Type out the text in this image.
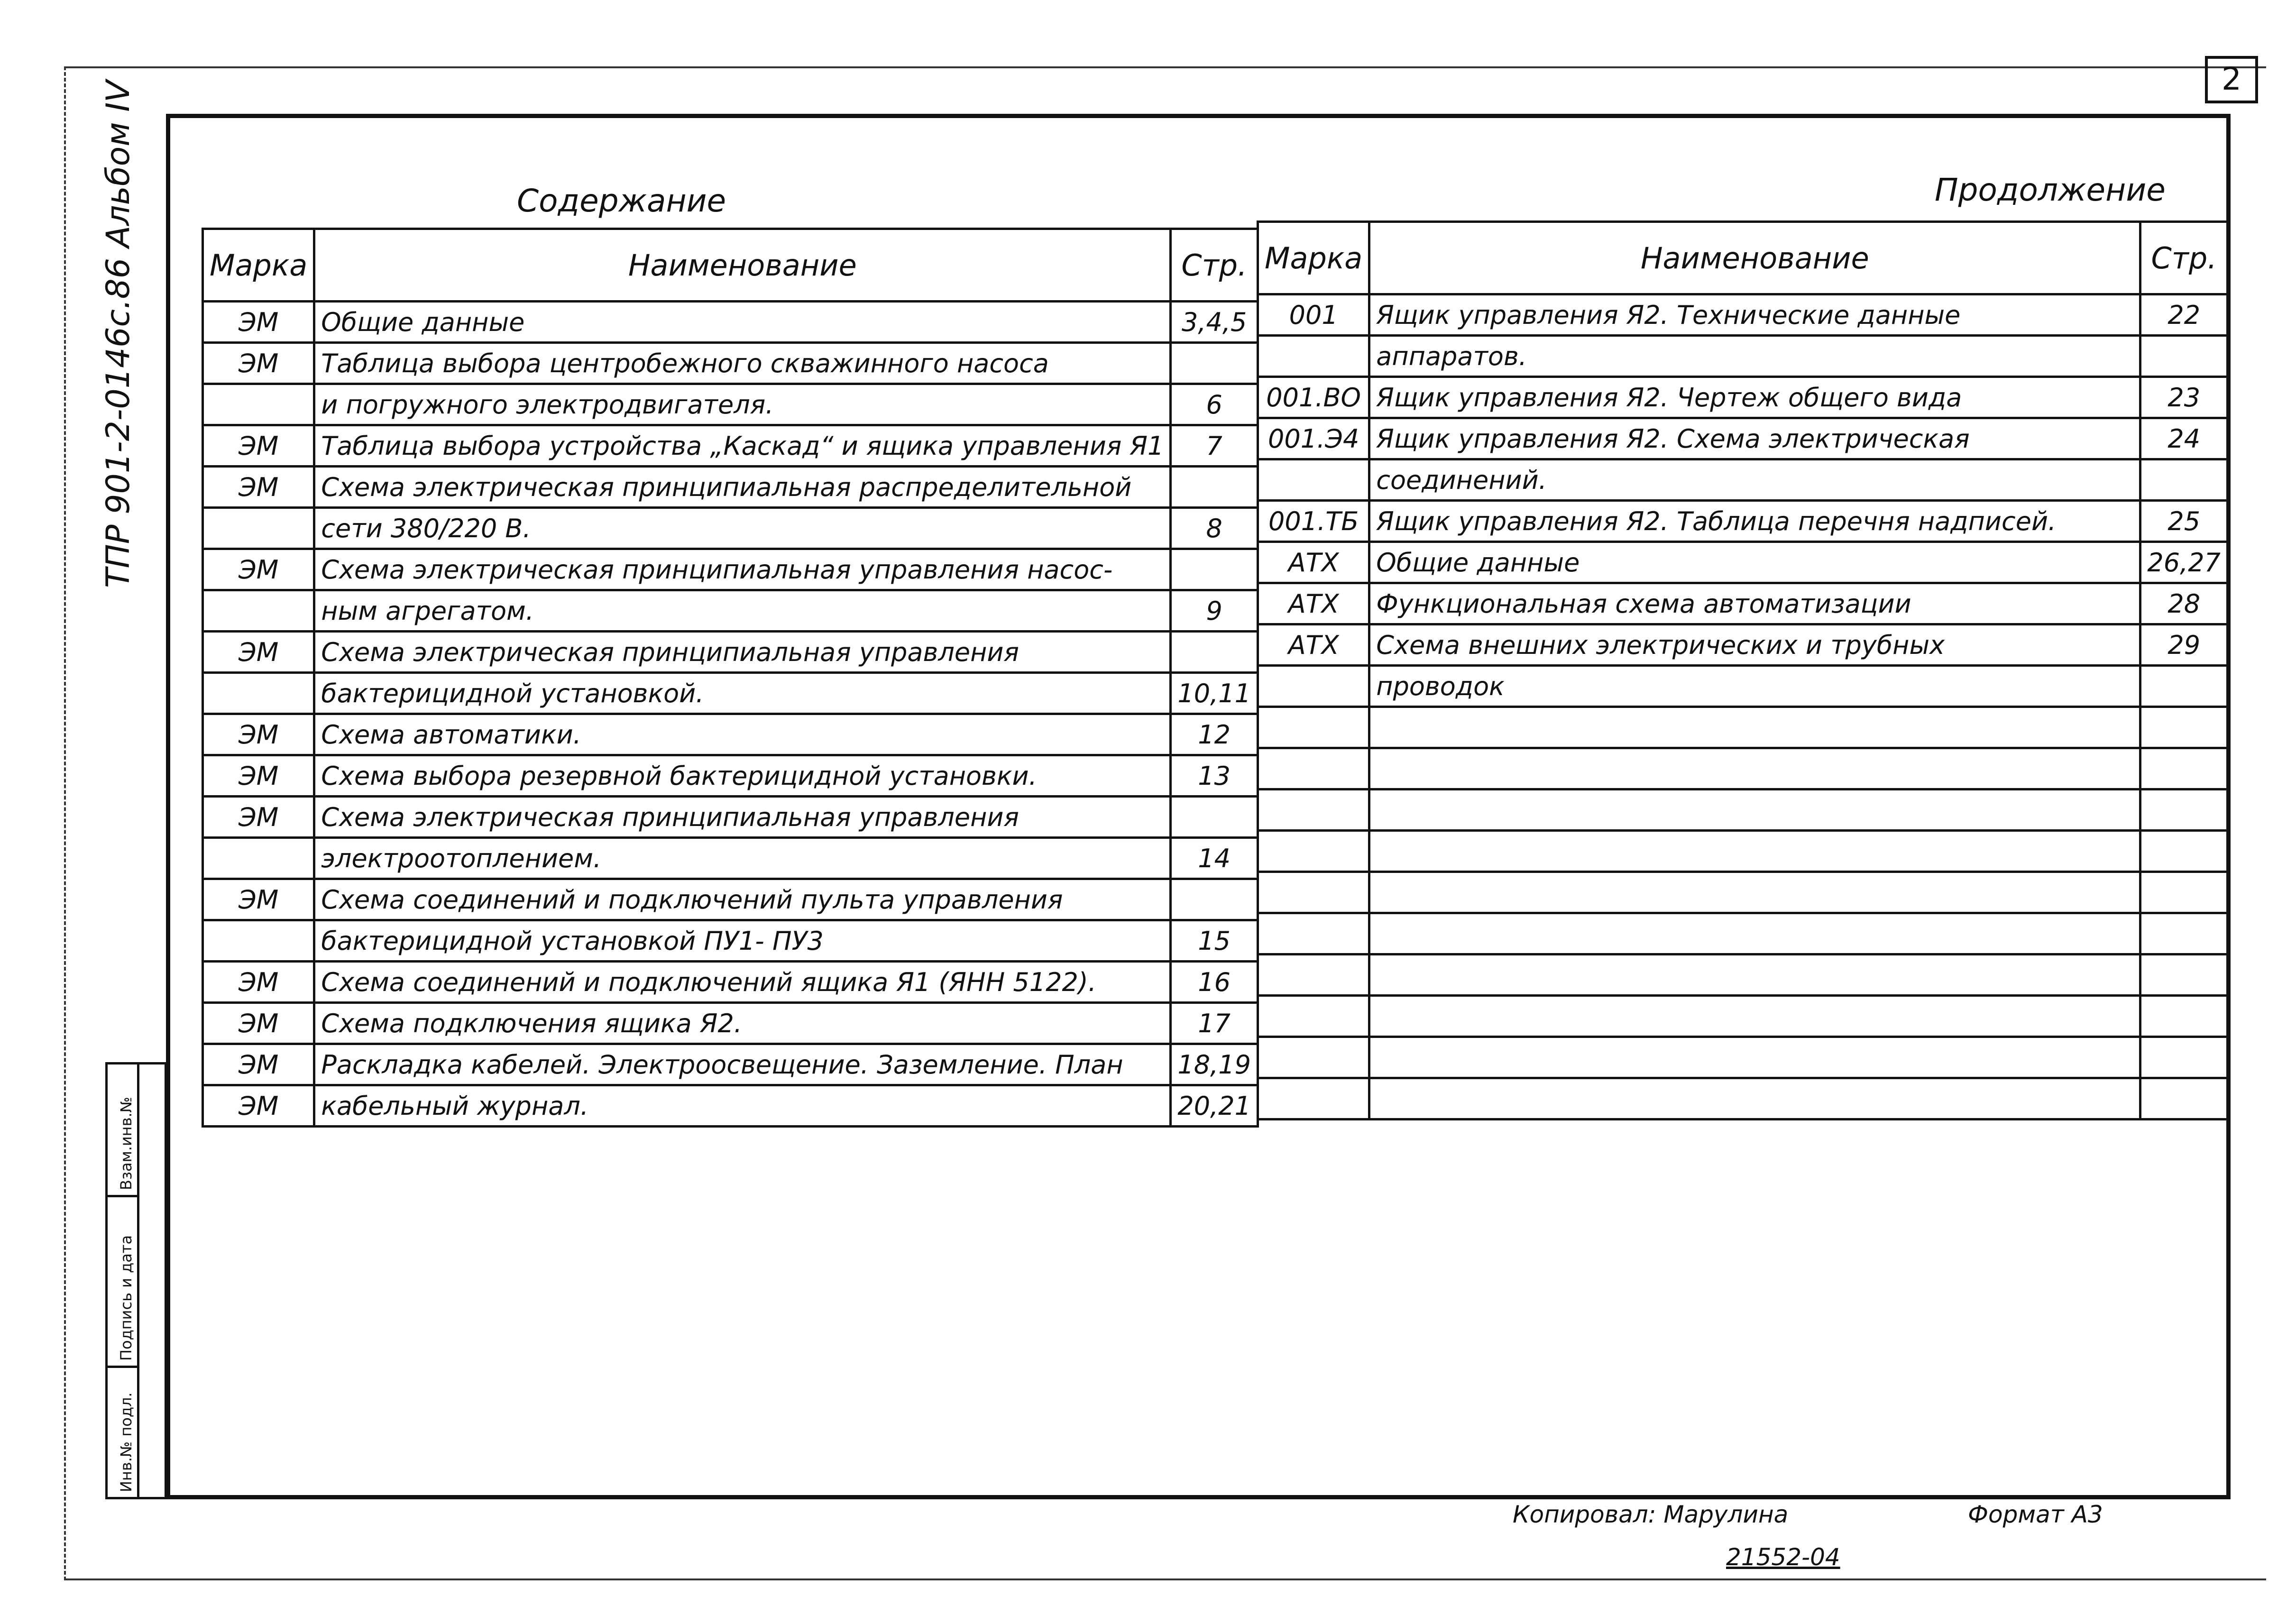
2
ТПР 901-2-0146с.86 Альбом IV
Взам.инв.№
Подпись и дата
Инв.№ подл.
Содержание	Продолжение
Марка	Наименование	Стр.
ЭМ	Общие данные	3,4,5
ЭМ	Таблица выбора центробежного скважинного насоса	
	и погружного электродвигателя.	6
ЭМ	Таблица выбора устройства „Каскад“ и ящика управления Я1	7
ЭМ	Схема электрическая принципиальная распределительной	
	сети 380/220 В.	8
ЭМ	Схема электрическая принципиальная управления насос-	
	ным агрегатом.	9
ЭМ	Схема электрическая принципиальная управления	
	бактерицидной установкой.	10,11
ЭМ	Схема автоматики.	12
ЭМ	Схема выбора резервной бактерицидной установки.	13
ЭМ	Схема электрическая принципиальная управления	
	электроотоплением.	14
ЭМ	Схема соединений и подключений пульта управления	
	бактерицидной установкой ПУ1- ПУ3	15
ЭМ	Схема соединений и подключений ящика Я1 (ЯНН 5122).	16
ЭМ	Схема подключения ящика Я2.	17
ЭМ	Раскладка кабелей. Электроосвещение. Заземление. План	18,19
ЭМ	кабельный журнал.	20,21
Марка	Наименование	Стр.
001	Ящик управления Я2. Технические данные	22
	аппаратов.	
001.ВО	Ящик управления Я2. Чертеж общего вида	23
001.Э4	Ящик управления Я2. Схема электрическая	24
	соединений.	
001.ТБ	Ящик управления Я2. Таблица перечня надписей.	25
АТХ	Общие данные	26,27
АТХ	Функциональная схема автоматизации	28
АТХ	Схема внешних электрических и трубных	29
	проводок	

Копировал: Марулина	Формат А3
21552-04
